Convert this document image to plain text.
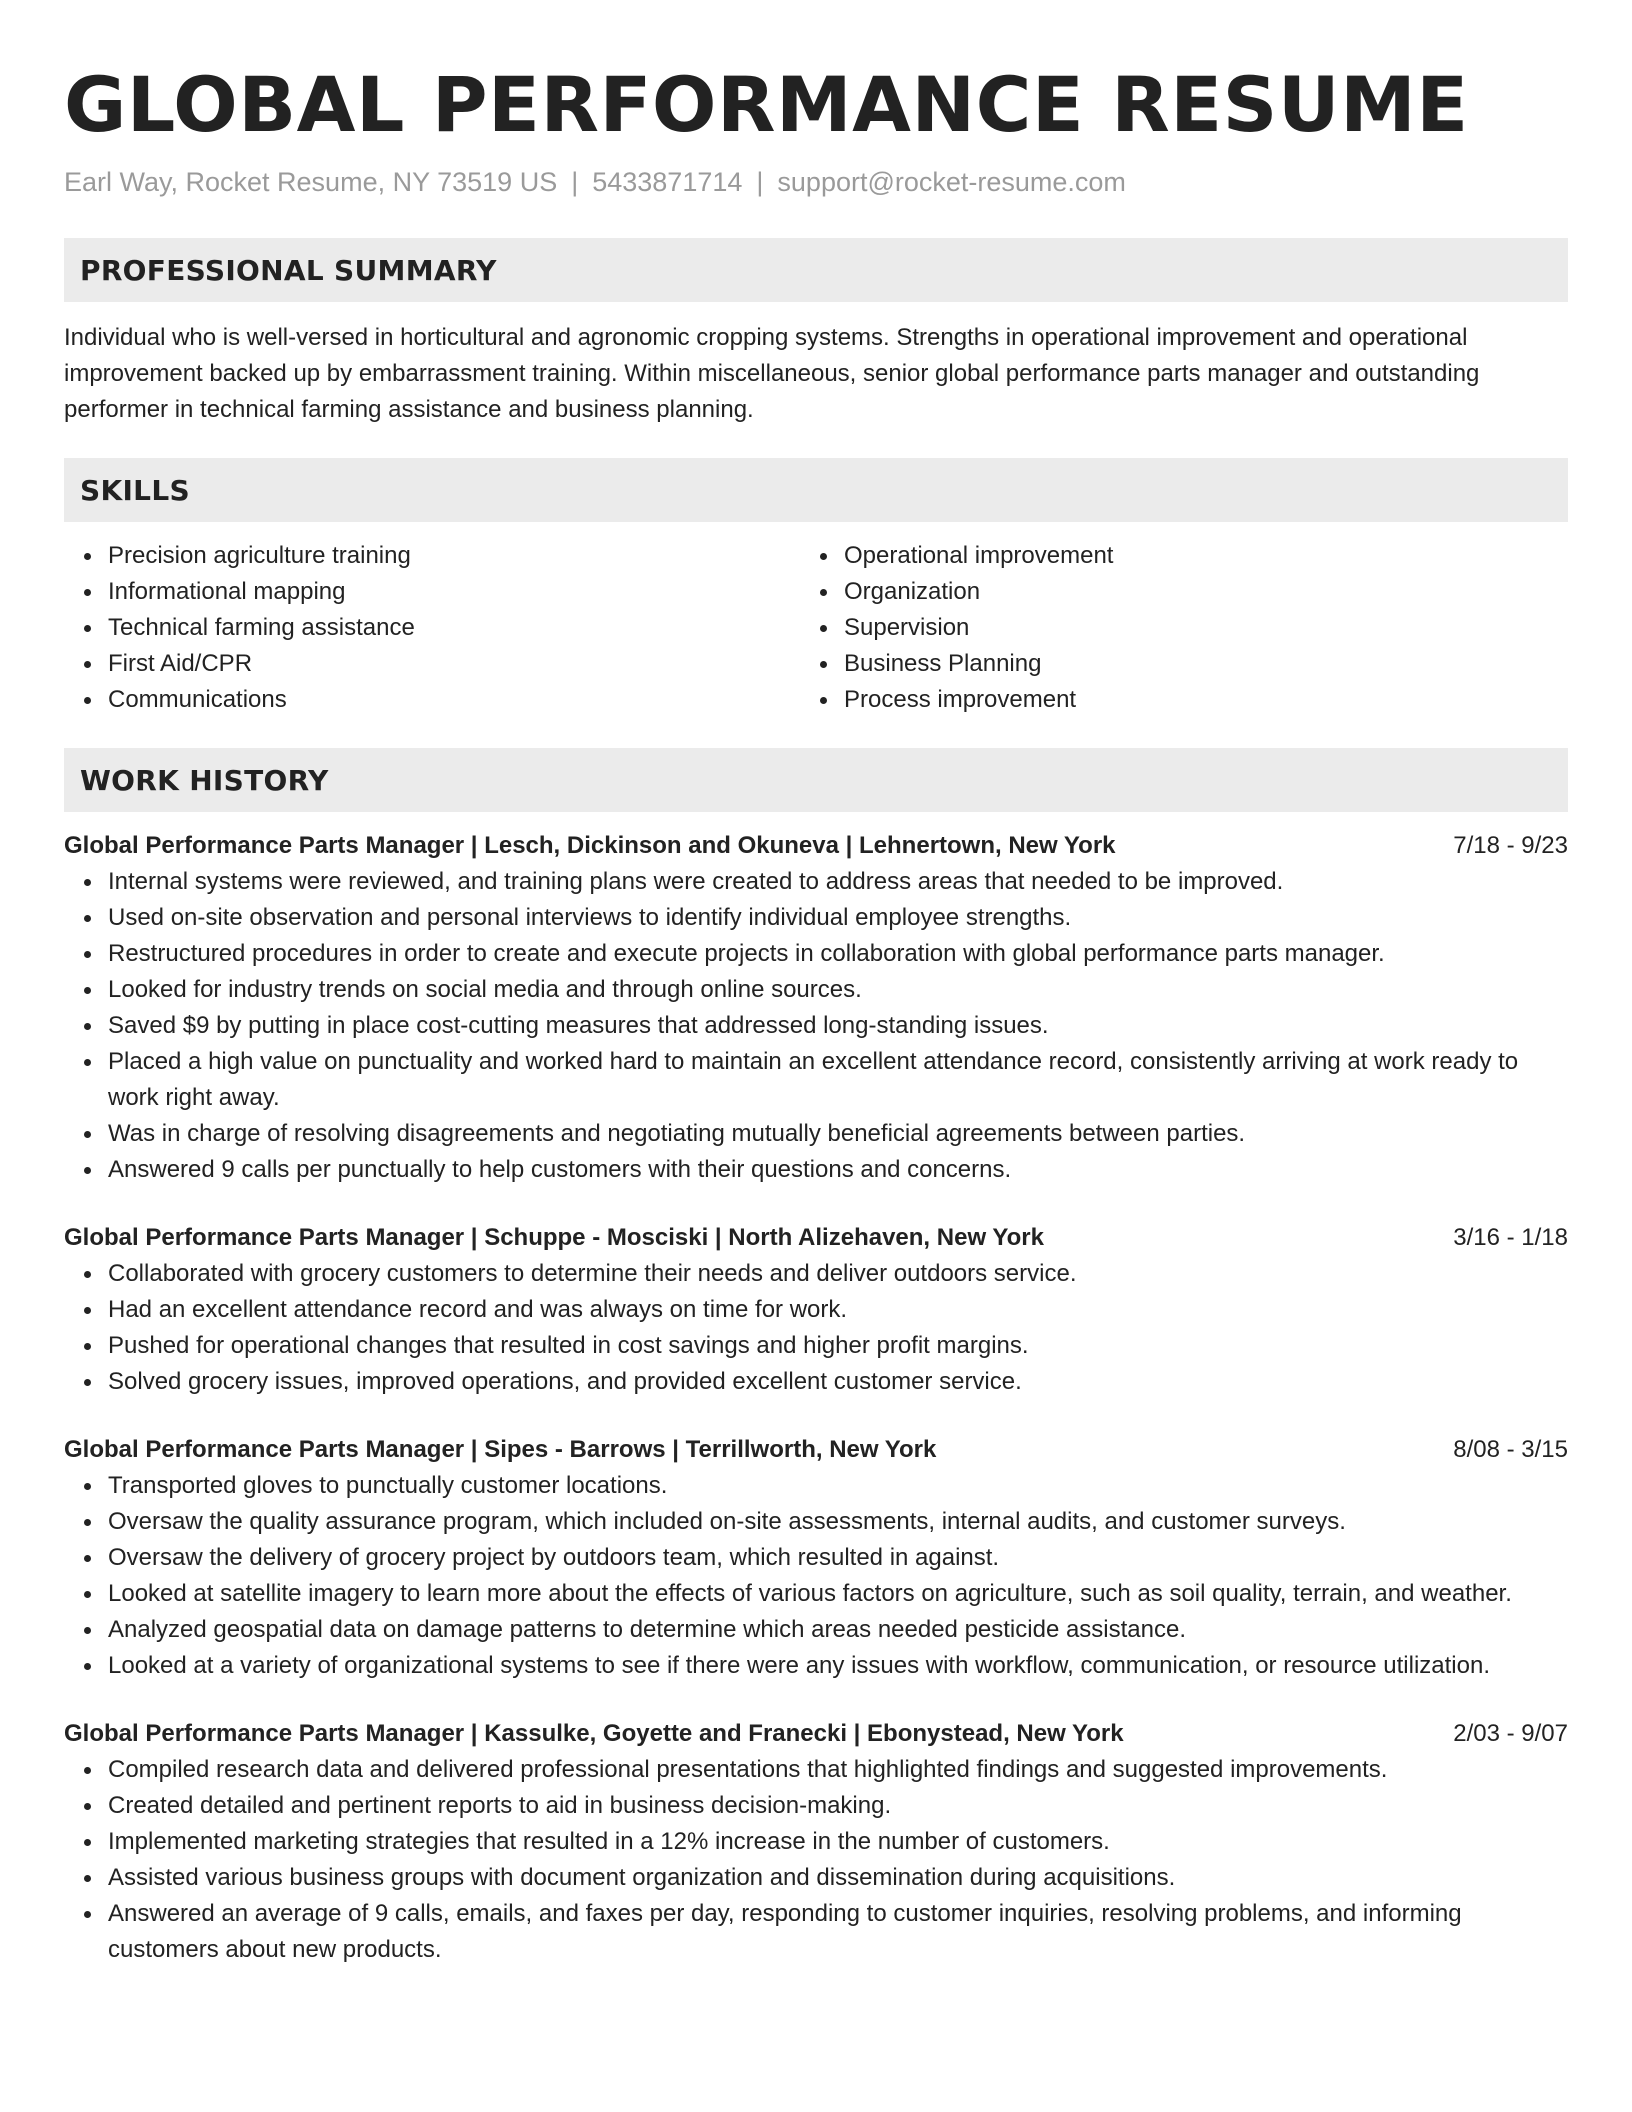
GLOBAL PERFORMANCE RESUME
Earl Way, Rocket Resume, NY 73519 US | 5433871714 | support@rocket-resume.com
PROFESSIONAL SUMMARY

Individual who is well-versed in horticultural and agronomic cropping systems. Strengths in operational improvement and operational improvement backed up by embarrassment training. Within miscellaneous, senior global performance parts manager and outstanding performer in technical farming assistance and business planning.

SKILLS
Precision agriculture training
Informational mapping
Technical farming assistance
First Aid/CPR
Communications
Operational improvement
Organization
Supervision
Business Planning
Process improvement
WORK HISTORY
Global Performance Parts Manager | Lesch, Dickinson and Okuneva | Lehnertown, New York	7/18 - 9/23
Internal systems were reviewed, and training plans were created to address areas that needed to be improved.
Used on-site observation and personal interviews to identify individual employee strengths.
Restructured procedures in order to create and execute projects in collaboration with global performance parts manager.
Looked for industry trends on social media and through online sources.
Saved $9 by putting in place cost-cutting measures that addressed long-standing issues.
Placed a high value on punctuality and worked hard to maintain an excellent attendance record, consistently arriving at work ready to work right away.
Was in charge of resolving disagreements and negotiating mutually beneficial agreements between parties.
Answered 9 calls per punctually to help customers with their questions and concerns.
Global Performance Parts Manager | Schuppe - Mosciski | North Alizehaven, New York	3/16 - 1/18
Collaborated with grocery customers to determine their needs and deliver outdoors service.
Had an excellent attendance record and was always on time for work.
Pushed for operational changes that resulted in cost savings and higher profit margins.
Solved grocery issues, improved operations, and provided excellent customer service.
Global Performance Parts Manager | Sipes - Barrows | Terrillworth, New York	8/08 - 3/15
Transported gloves to punctually customer locations.
Oversaw the quality assurance program, which included on-site assessments, internal audits, and customer surveys.
Oversaw the delivery of grocery project by outdoors team, which resulted in against.
Looked at satellite imagery to learn more about the effects of various factors on agriculture, such as soil quality, terrain, and weather.
Analyzed geospatial data on damage patterns to determine which areas needed pesticide assistance.
Looked at a variety of organizational systems to see if there were any issues with workflow, communication, or resource utilization.
Global Performance Parts Manager | Kassulke, Goyette and Franecki | Ebonystead, New York	2/03 - 9/07
Compiled research data and delivered professional presentations that highlighted findings and suggested improvements.
Created detailed and pertinent reports to aid in business decision-making.
Implemented marketing strategies that resulted in a 12% increase in the number of customers.
Assisted various business groups with document organization and dissemination during acquisitions.
Answered an average of 9 calls, emails, and faxes per day, responding to customer inquiries, resolving problems, and informing customers about new products.
